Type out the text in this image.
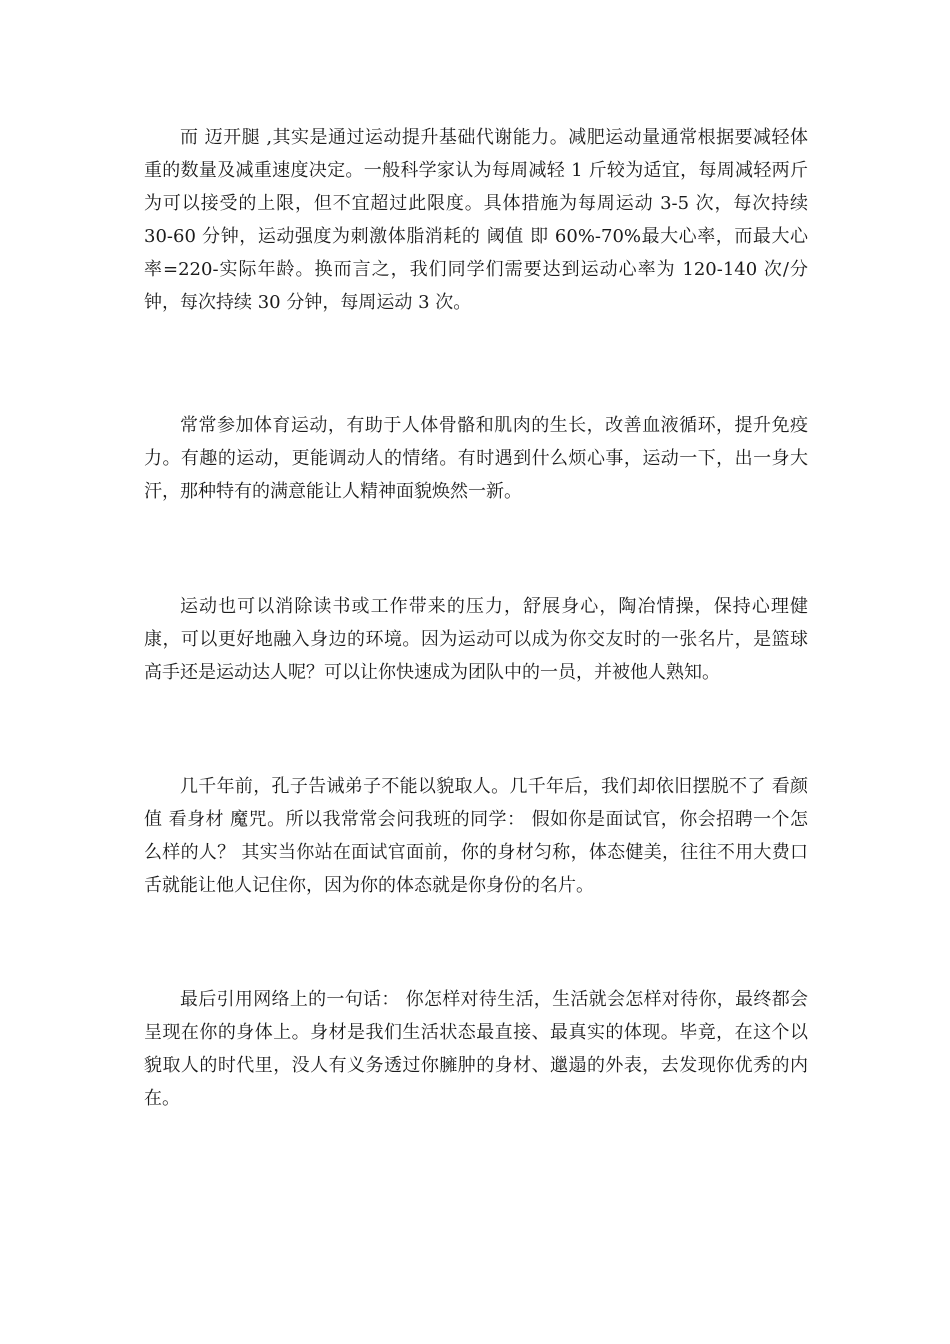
而 迈开腿 ,其实是通过运动提升基础代谢能力。减肥运动量通常根据要减轻体重的数量及减重速度决定。一般科学家认为每周减轻 1 斤较为适宜，每周减轻两斤为可以接受的上限，但不宜超过此限度。具体措施为每周运动 3-5 次，每次持续 30-60 分钟，运动强度为刺激体脂消耗的 阈值 即 60%-70%最大心率，而最大心率=220-实际年龄。换而言之，我们同学们需要达到运动心率为 120-140 次/分钟，每次持续 30 分钟，每周运动 3 次。

常常参加体育运动，有助于人体骨骼和肌肉的生长，改善血液循环，提升免疫力。有趣的运动，更能调动人的情绪。有时遇到什么烦心事，运动一下，出一身大汗，那种特有的满意能让人精神面貌焕然一新。

运动也可以消除读书或工作带来的压力，舒展身心，陶冶情操，保持心理健康，可以更好地融入身边的环境。因为运动可以成为你交友时的一张名片，是篮球高手还是运动达人呢？可以让你快速成为团队中的一员，并被他人熟知。

几千年前，孔子告诫弟子不能以貌取人。几千年后，我们却依旧摆脱不了 看颜值 看身材 魔咒。所以我常常会问我班的同学： 假如你是面试官，你会招聘一个怎么样的人？ 其实当你站在面试官面前，你的身材匀称，体态健美，往往不用大费口舌就能让他人记住你，因为你的体态就是你身份的名片。

最后引用网络上的一句话： 你怎样对待生活，生活就会怎样对待你，最终都会呈现在你的身体上。身材是我们生活状态最直接、最真实的体现。毕竟，在这个以貌取人的时代里，没人有义务透过你臃肿的身材、邋遢的外表，去发现你优秀的内在。
